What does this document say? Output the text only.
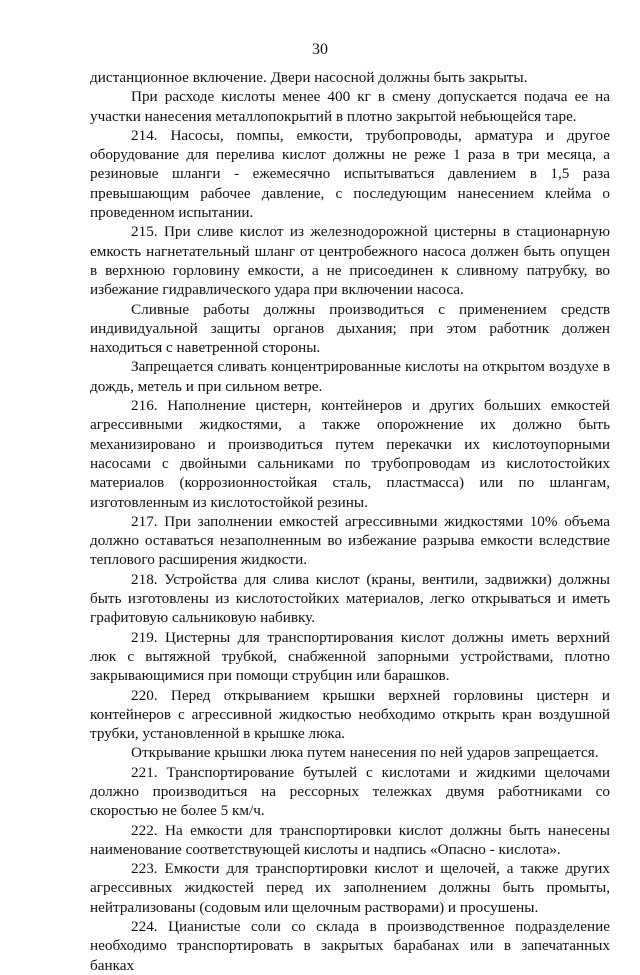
30

дистанционное включение. Двери насосной должны быть закрыты.

При расходе кислоты менее 400 кг в смену допускается подача ее на участки нанесения металлопокрытий в плотно закрытой небьющейся таре.

214. Насосы, помпы, емкости, трубопроводы, арматура и другое оборудование для перелива кислот должны не реже 1 раза в три месяца, а резиновые шланги - ежемесячно испытываться давлением в 1,5 раза превышающим рабочее давление, с последующим нанесением клейма о проведенном испытании.

215. При сливе кислот из железнодорожной цистерны в стационарную емкость нагнетательный шланг от центробежного насоса должен быть опущен в верхнюю горловину емкости, а не присоединен к сливному патрубку, во избежание гидравлического удара при включении насоса.

Сливные работы должны производиться с применением средств индивидуальной защиты органов дыхания; при этом работник должен находиться с наветренной стороны.

Запрещается сливать концентрированные кислоты на открытом воздухе в дождь, метель и при сильном ветре.

216. Наполнение цистерн, контейнеров и других больших емкостей агрессивными жидкостями, а также опорожнение их должно быть механизировано и производиться путем перекачки их кислотоупорными насосами с двойными сальниками по трубопроводам из кислотостойких материалов (коррозионностойкая сталь, пластмасса) или по шлангам, изготовленным из кислотостойкой резины.

217. При заполнении емкостей агрессивными жидкостями 10% объема должно оставаться незаполненным во избежание разрыва емкости вследствие теплового расширения жидкости.

218. Устройства для слива кислот (краны, вентили, задвижки) должны быть изготовлены из кислотостойких материалов, легко открываться и иметь графитовую сальниковую набивку.

219. Цистерны для транспортирования кислот должны иметь верхний люк с вытяжной трубкой, снабженной запорными устройствами, плотно закрывающимися при помощи струбцин или барашков.

220. Перед открыванием крышки верхней горловины цистерн и контейнеров с агрессивной жидкостью необходимо открыть кран воздушной трубки, установленной в крышке люка.

Открывание крышки люка путем нанесения по ней ударов запрещается.

221. Транспортирование бутылей с кислотами и жидкими щелочами должно производиться на рессорных тележках двумя работниками со скоростью не более 5 км/ч.

222. На емкости для транспортировки кислот должны быть нанесены наименование соответствующей кислоты и надпись «Опасно - кислота».

223. Емкости для транспортировки кислот и щелочей, а также других агрессивных жидкостей перед их заполнением должны быть промыты, нейтрализованы (содовым или щелочным растворами) и просушены.

224. Цианистые соли со склада в производственное подразделение необходимо транспортировать в закрытых барабанах или в запечатанных банках
